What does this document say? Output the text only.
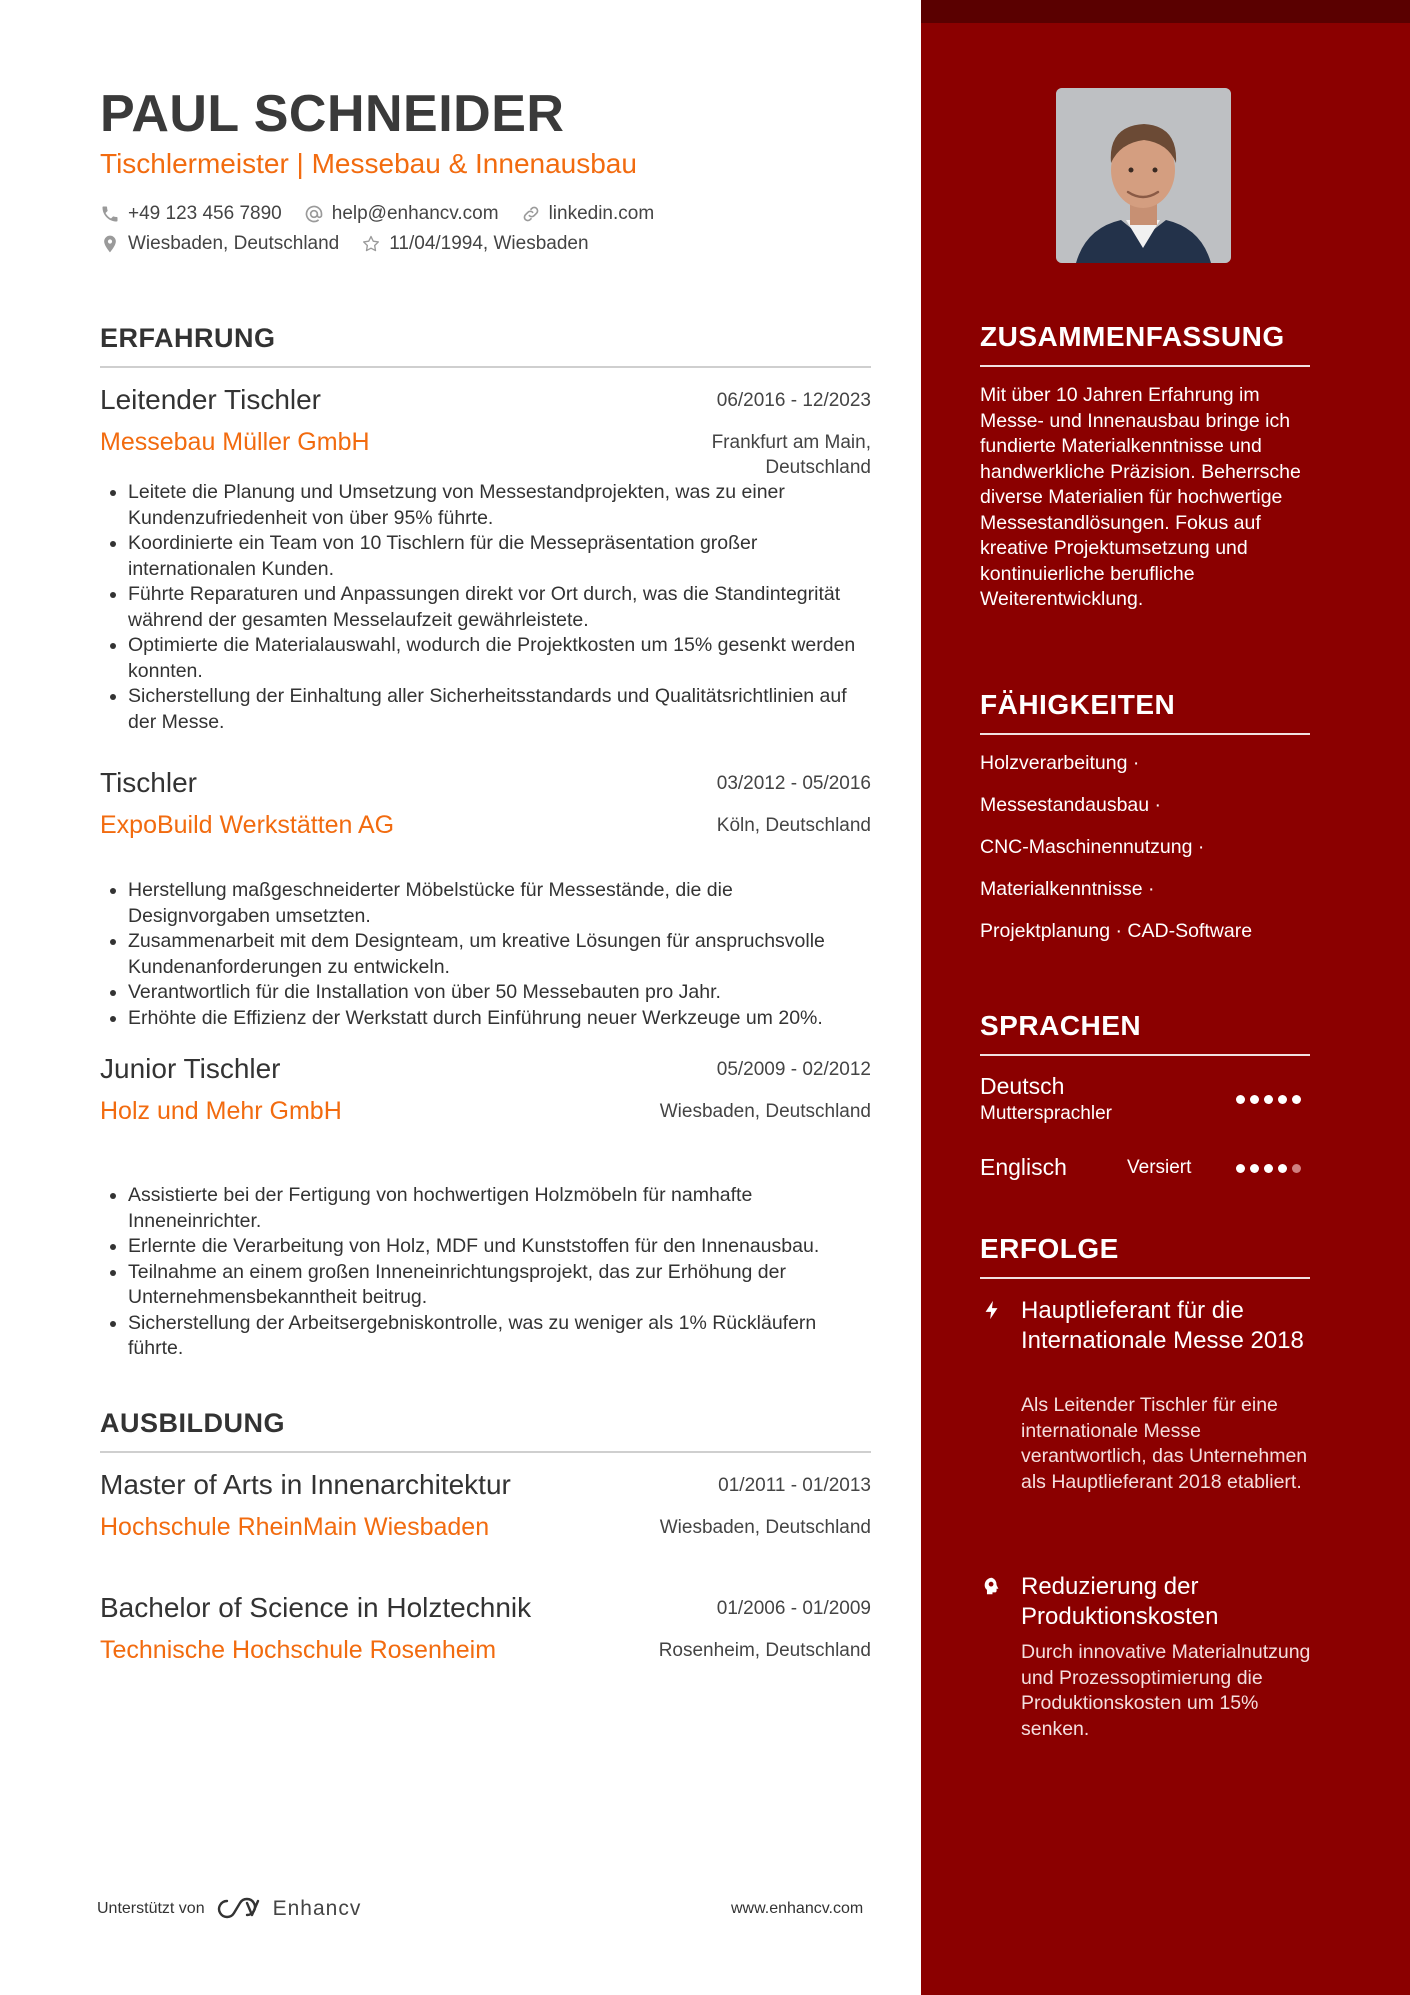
PAUL SCHNEIDER
Tischlermeister | Messebau & Innenausbau
+49 123 456 7890	help@enhancv.com	linkedin.com
Wiesbaden, Deutschland	11/04/1994, Wiesbaden
ERFAHRUNG
Leitender Tischler	06/2016 - 12/2023
Messebau Müller GmbH	Frankfurt am Main, Deutschland
• Leitete die Planung und Umsetzung von Messestandprojekten, was zu einer Kundenzufriedenheit von über 95% führte.
• Koordinierte ein Team von 10 Tischlern für die Messepräsentation großer internationalen Kunden.
• Führte Reparaturen und Anpassungen direkt vor Ort durch, was die Standintegrität während der gesamten Messelaufzeit gewährleistete.
• Optimierte die Materialauswahl, wodurch die Projektkosten um 15% gesenkt werden konnten.
• Sicherstellung der Einhaltung aller Sicherheitsstandards und Qualitätsrichtlinien auf der Messe.
Tischler	03/2012 - 05/2016
ExpoBuild Werkstätten AG	Köln, Deutschland
• Herstellung maßgeschneiderter Möbelstücke für Messestände, die die Designvorgaben umsetzten.
• Zusammenarbeit mit dem Designteam, um kreative Lösungen für anspruchsvolle Kundenanforderungen zu entwickeln.
• Verantwortlich für die Installation von über 50 Messebauten pro Jahr.
• Erhöhte die Effizienz der Werkstatt durch Einführung neuer Werkzeuge um 20%.
Junior Tischler	05/2009 - 02/2012
Holz und Mehr GmbH	Wiesbaden, Deutschland
• Assistierte bei der Fertigung von hochwertigen Holzmöbeln für namhafte Inneneinrichter.
• Erlernte die Verarbeitung von Holz, MDF und Kunststoffen für den Innenausbau.
• Teilnahme an einem großen Inneneinrichtungsprojekt, das zur Erhöhung der Unternehmensbekanntheit beitrug.
• Sicherstellung der Arbeitsergebniskontrolle, was zu weniger als 1% Rückläufern führte.
AUSBILDUNG
Master of Arts in Innenarchitektur	01/2011 - 01/2013
Hochschule RheinMain Wiesbaden	Wiesbaden, Deutschland
Bachelor of Science in Holztechnik	01/2006 - 01/2009
Technische Hochschule Rosenheim	Rosenheim, Deutschland
Unterstützt von	Enhancv	www.enhancv.com
ZUSAMMENFASSUNG
Mit über 10 Jahren Erfahrung im Messe- und Innenausbau bringe ich fundierte Materialkenntnisse und handwerkliche Präzision. Beherrsche diverse Materialien für hochwertige Messestandlösungen. Fokus auf kreative Projektumsetzung und kontinuierliche berufliche Weiterentwicklung.
FÄHIGKEITEN
Holzverarbeitung ·
Messestandausbau ·
CNC-Maschinennutzung ·
Materialkenntnisse ·
Projektplanung · CAD-Software
SPRACHEN
Deutsch
Muttersprachler
Englisch	Versiert
ERFOLGE
Hauptlieferant für die Internationale Messe 2018
Als Leitender Tischler für eine internationale Messe verantwortlich, das Unternehmen als Hauptlieferant 2018 etabliert.
Reduzierung der Produktionskosten
Durch innovative Materialnutzung und Prozessoptimierung die Produktionskosten um 15% senken.
